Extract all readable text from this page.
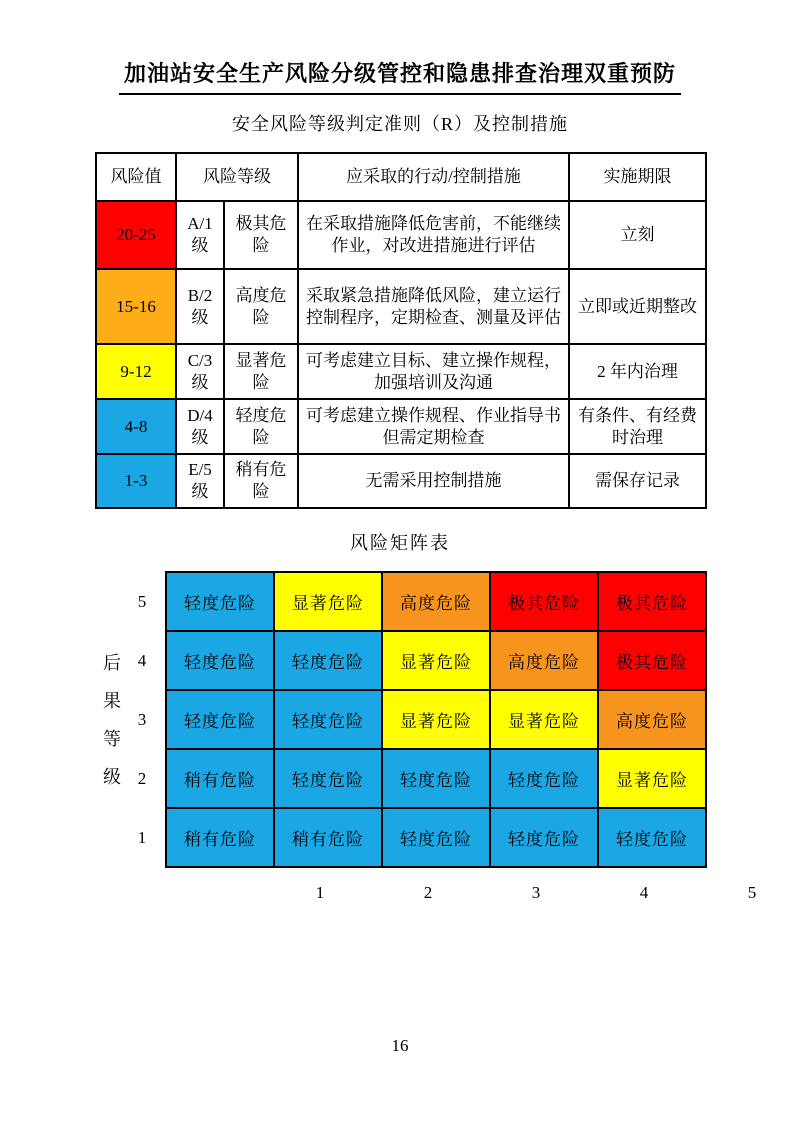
加油站安全生产风险分级管控和隐患排查治理双重预防
安全风险等级判定准则（R）及控制措施
风险值	风险等级		应采取的行动/控制措施	实施期限
20-25	A/1级	极其危险	在采取措施降低危害前，不能继续作业，对改进措施进行评估	立刻
15-16	B/2级	高度危险	采取紧急措施降低风险，建立运行控制程序，定期检查、测量及评估	立即或近期整改
9-12	C/3级	显著危险	可考虑建立目标、建立操作规程，加强培训及沟通	2 年内治理
4-8	D/4级	轻度危险	可考虑建立操作规程、作业指导书但需定期检查	有条件、有经费时治理
1-3	E/5级	稍有危险	无需采用控制措施	需保存记录
风险矩阵表
后
果
等
级
5
4
3
2
1
轻度危险	显著危险	高度危险	极其危险	极其危险
轻度危险	轻度危险	显著危险	高度危险	极其危险
轻度危险	轻度危险	显著危险	显著危险	高度危险
稍有危险	轻度危险	轻度危险	轻度危险	显著危险
稍有危险	稍有危险	轻度危险	轻度危险	轻度危险
1	2	3	4	5
16
